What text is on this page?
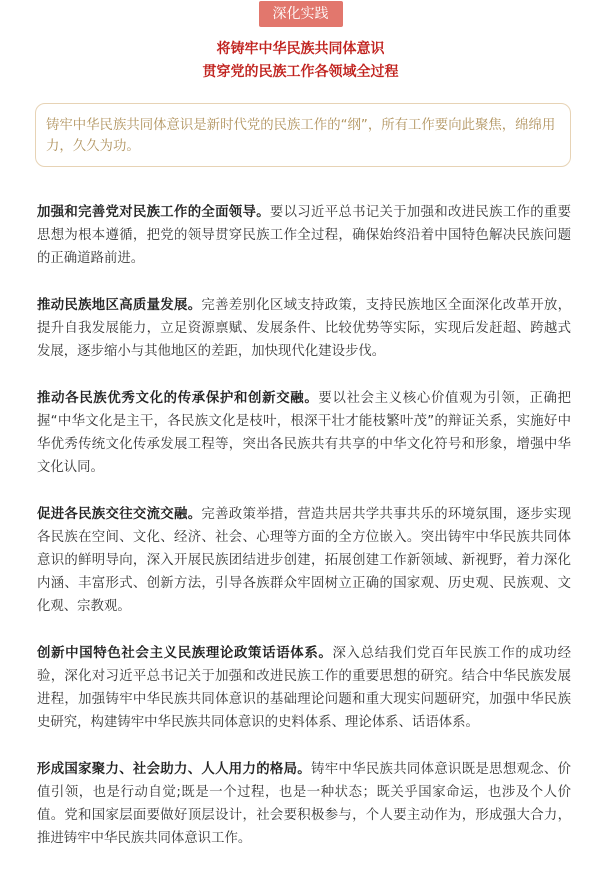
深化实践
将铸牢中华民族共同体意识
贯穿党的民族工作各领域全过程
铸牢中华民族共同体意识是新时代党的民族工作的“纲”，所有工作要向此聚焦，绵绵用力，久久为功。

加强和完善党对民族工作的全面领导。要以习近平总书记关于加强和改进民族工作的重要思想为根本遵循，把党的领导贯穿民族工作全过程，确保始终沿着中国特色解决民族问题的正确道路前进。

推动民族地区高质量发展。完善差别化区域支持政策，支持民族地区全面深化改革开放，提升自我发展能力，立足资源禀赋、发展条件、比较优势等实际，实现后发赶超、跨越式发展，逐步缩小与其他地区的差距，加快现代化建设步伐。

推动各民族优秀文化的传承保护和创新交融。要以社会主义核心价值观为引领，正确把握“中华文化是主干，各民族文化是枝叶，根深干壮才能枝繁叶茂”的辩证关系，实施好中华优秀传统文化传承发展工程等，突出各民族共有共享的中华文化符号和形象，增强中华文化认同。

促进各民族交往交流交融。完善政策举措，营造共居共学共事共乐的环境氛围，逐步实现各民族在空间、文化、经济、社会、心理等方面的全方位嵌入。突出铸牢中华民族共同体意识的鲜明导向，深入开展民族团结进步创建，拓展创建工作新领域、新视野，着力深化内涵、丰富形式、创新方法，引导各族群众牢固树立正确的国家观、历史观、民族观、文化观、宗教观。

创新中国特色社会主义民族理论政策话语体系。深入总结我们党百年民族工作的成功经验，深化对习近平总书记关于加强和改进民族工作的重要思想的研究。结合中华民族发展进程，加强铸牢中华民族共同体意识的基础理论问题和重大现实问题研究，加强中华民族史研究，构建铸牢中华民族共同体意识的史料体系、理论体系、话语体系。

形成国家聚力、社会助力、人人用力的格局。铸牢中华民族共同体意识既是思想观念、价值引领，也是行动自觉;既是一个过程，也是一种状态；既关乎国家命运，也涉及个人价值。党和国家层面要做好顶层设计，社会要积极参与，个人要主动作为，形成强大合力，推进铸牢中华民族共同体意识工作。
